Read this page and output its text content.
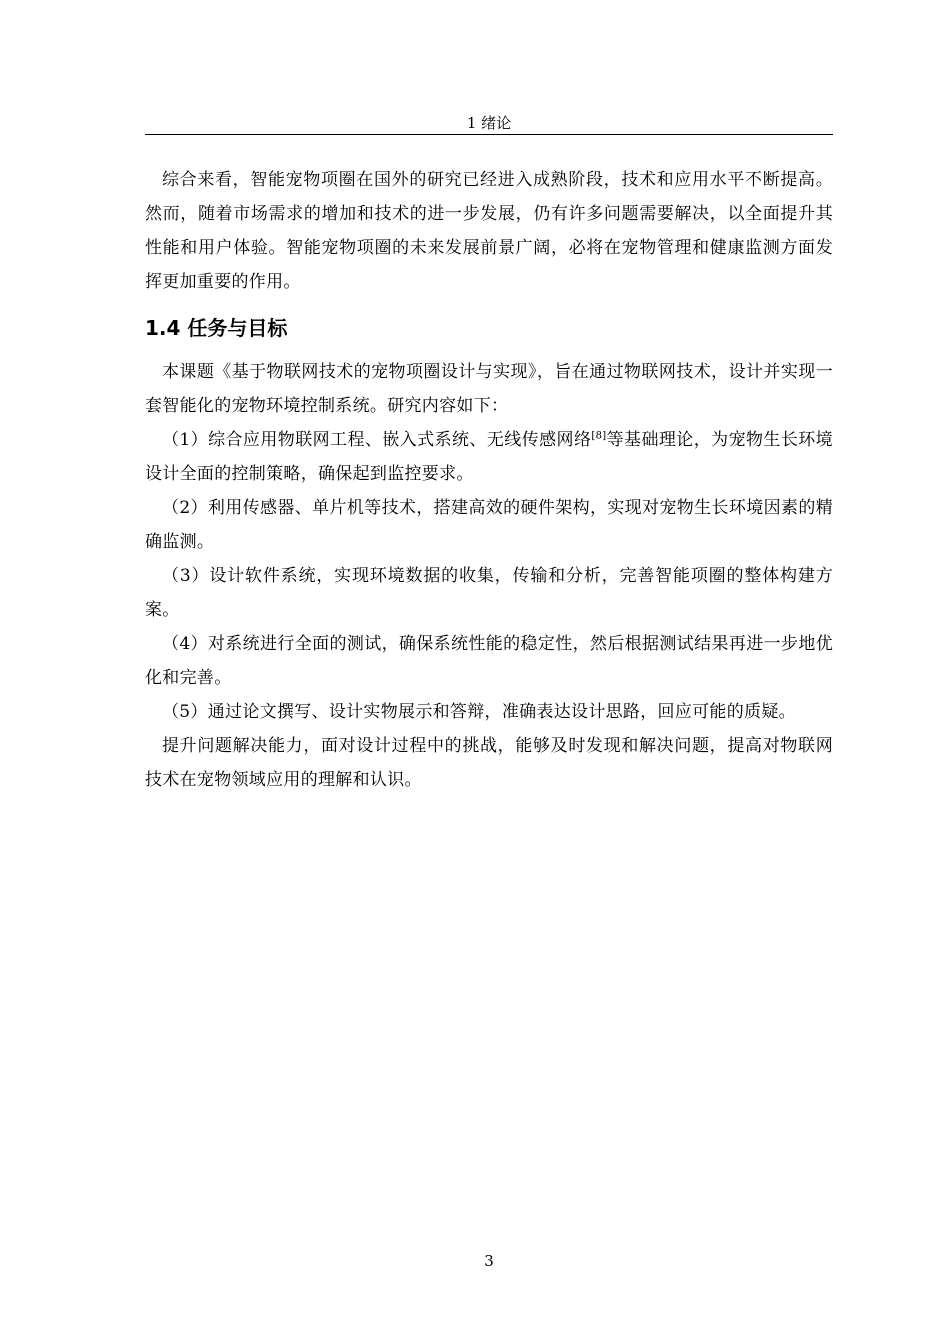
1 绪论

综合来看，智能宠物项圈在国外的研究已经进入成熟阶段，技术和应用水平不断提高。然而，随着市场需求的增加和技术的进一步发展，仍有许多问题需要解决，以全面提升其性能和用户体验。智能宠物项圈的未来发展前景广阔，必将在宠物管理和健康监测方面发挥更加重要的作用。

1.4 任务与目标

本课题《基于物联网技术的宠物项圈设计与实现》，旨在通过物联网技术，设计并实现一套智能化的宠物环境控制系统。研究内容如下：

（1）综合应用物联网工程、嵌入式系统、无线传感网络[8]等基础理论，为宠物生长环境设计全面的控制策略，确保起到监控要求。

（2）利用传感器、单片机等技术，搭建高效的硬件架构，实现对宠物生长环境因素的精确监测。

（3）设计软件系统，实现环境数据的收集，传输和分析，完善智能项圈的整体构建方案。

（4）对系统进行全面的测试，确保系统性能的稳定性，然后根据测试结果再进一步地优化和完善。

（5）通过论文撰写、设计实物展示和答辩，准确表达设计思路，回应可能的质疑。

提升问题解决能力，面对设计过程中的挑战，能够及时发现和解决问题，提高对物联网技术在宠物领域应用的理解和认识。

3
